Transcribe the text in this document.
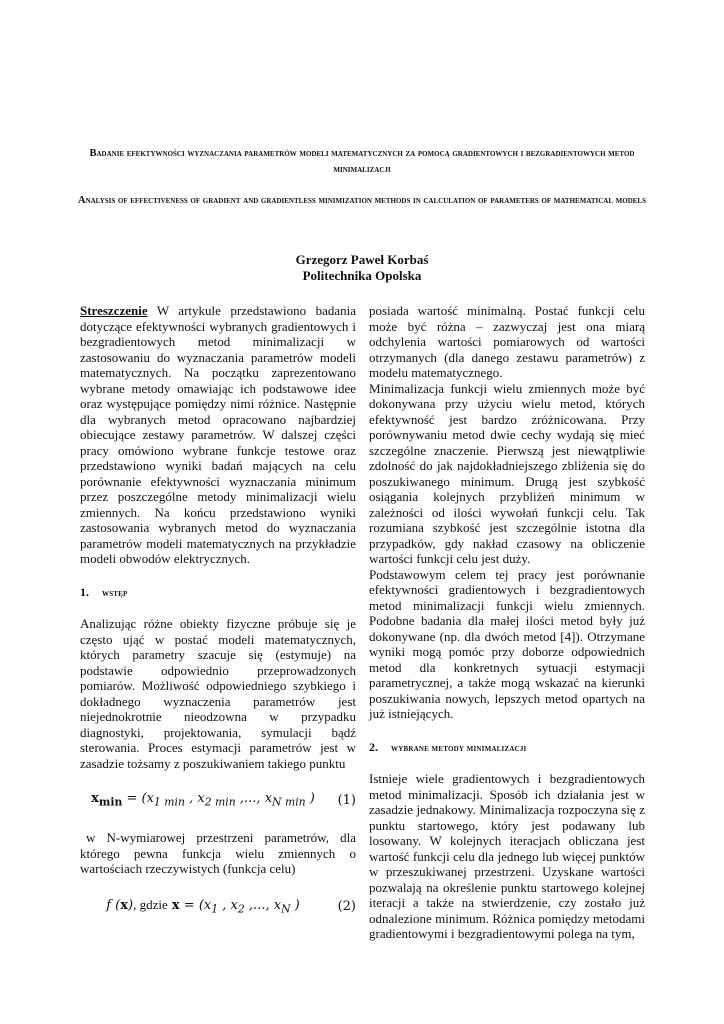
Badanie efektywności wyznaczania parametrów modeli matematycznych za pomocą gradientowych i bezgradientowych metod minimalizacji
Analysis of effectiveness of gradient and gradientless minimization methods in calculation of parameters of mathematical models
Grzegorz Paweł Korbaś
Politechnika Opolska

Streszczenie W artykule przedstawiono badania dotyczące efektywności wybranych gradientowych i bezgradientowych metod minimalizacji w zastosowaniu do wyznaczania parametrów modeli matematycznych. Na początku zaprezentowano wybrane metody omawiając ich podstawowe idee oraz występujące pomiędzy nimi różnice. Następnie dla wybranych metod opracowano najbardziej obiecujące zestawy parametrów. W dalszej części pracy omówiono wybrane funkcje testowe oraz przedstawiono wyniki badań mających na celu porównanie efektywności wyznaczania minimum przez poszczególne metody minimalizacji wielu zmiennych. Na końcu przedstawiono wyniki zastosowania wybranych metod do wyznaczania parametrów modeli matematycznych na przykładzie modeli obwodów elektrycznych.

1.	wstęp

Analizując różne obiekty fizyczne próbuje się je często ująć w postać modeli matematycznych, których parametry szacuje się (estymuje) na podstawie odpowiednio przeprowadzonych pomiarów. Możliwość odpowiedniego szybkiego i dokładnego wyznaczenia parametrów jest niejednokrotnie nieodzowna w przypadku diagnostyki, projektowania, symulacji bądź sterowania. Proces estymacji parametrów jest w zasadzie tożsamy z poszukiwaniem takiego punktu

$x_{min} = (x_{1 min}$ , $x_{2 min}$ ,..., $x_{N min}$ )	(1)

w N-wymiarowej przestrzeni parametrów, dla którego pewna funkcja wielu zmiennych o wartościach rzeczywistych (funkcja celu)

f (x), gdzie $x = (x_1$ , $x_2$ ,..., $x_N$ )	(2)

posiada wartość minimalną. Postać funkcji celu może być różna – zazwyczaj jest ona miarą odchylenia wartości pomiarowych od wartości otrzymanych (dla danego zestawu parametrów) z modelu matematycznego.

Minimalizacja funkcji wielu zmiennych może być dokonywana przy użyciu wielu metod, których efektywność jest bardzo zróżnicowana. Przy porównywaniu metod dwie cechy wydają się mieć szczególne znaczenie. Pierwszą jest niewątpliwie zdolność do jak najdokładniejszego zbliżenia się do poszukiwanego minimum. Drugą jest szybkość osiągania kolejnych przybliżeń minimum w zależności od ilości wywołań funkcji celu. Tak rozumiana szybkość jest szczególnie istotna dla przypadków, gdy nakład czasowy na obliczenie wartości funkcji celu jest duży.

Podstawowym celem tej pracy jest porównanie efektywności gradientowych i bezgradientowych metod minimalizacji funkcji wielu zmiennych. Podobne badania dla małej ilości metod były już dokonywane (np. dla dwóch metod [4]). Otrzymane wyniki mogą pomóc przy doborze odpowiednich metod dla konkretnych sytuacji estymacji parametrycznej, a także mogą wskazać na kierunki poszukiwania nowych, lepszych metod opartych na już istniejących.

2.	wybrane metody minimalizacji

Istnieje wiele gradientowych i bezgradientowych metod minimalizacji. Sposób ich działania jest w zasadzie jednakowy. Minimalizacja rozpoczyna się z punktu startowego, który jest podawany lub losowany. W kolejnych iteracjach obliczana jest wartość funkcji celu dla jednego lub więcej punktów w przeszukiwanej przestrzeni. Uzyskane wartości pozwalają na określenie punktu startowego kolejnej iteracji a także na stwierdzenie, czy zostało już odnalezione minimum. Różnica pomiędzy metodami gradientowymi i bezgradientowymi polega na tym,
